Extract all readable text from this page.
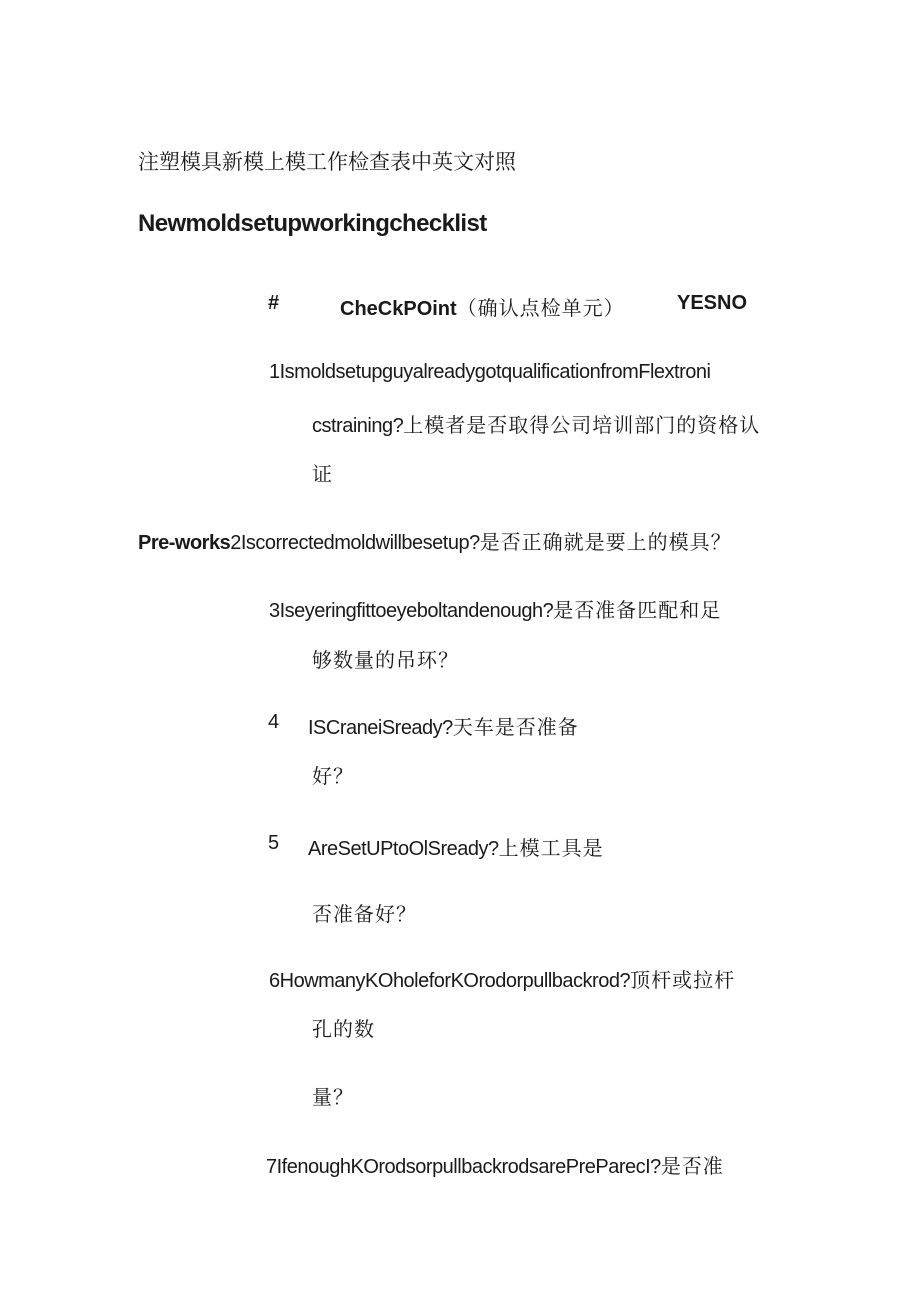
注塑模具新模上模工作检查表中英文对照
Newmoldsetupworkingchecklist
#	CheCkPOint（确认点检单元）	YESNO
1IsmoldsetupguyalreadygotqualificationfromFlextroni
cstraining?上模者是否取得公司培训部门的资格认
证
Pre-works2Iscorrectedmoldwillbesetup?是否正确就是要上的模具？
3Iseyeringfittoeyeboltandenough?是否准备匹配和足
够数量的吊环？
4 ISCraneiSready?天车是否准备
好？
5 AreSetUPtoOlSready?上模工具是
否准备好？
6HowmanyKOholeforKOrodorpullbackrod?顶杆或拉杆
孔的数
量？
7IfenoughKOrodsorpullbackrodsarePreParecI?是否准
